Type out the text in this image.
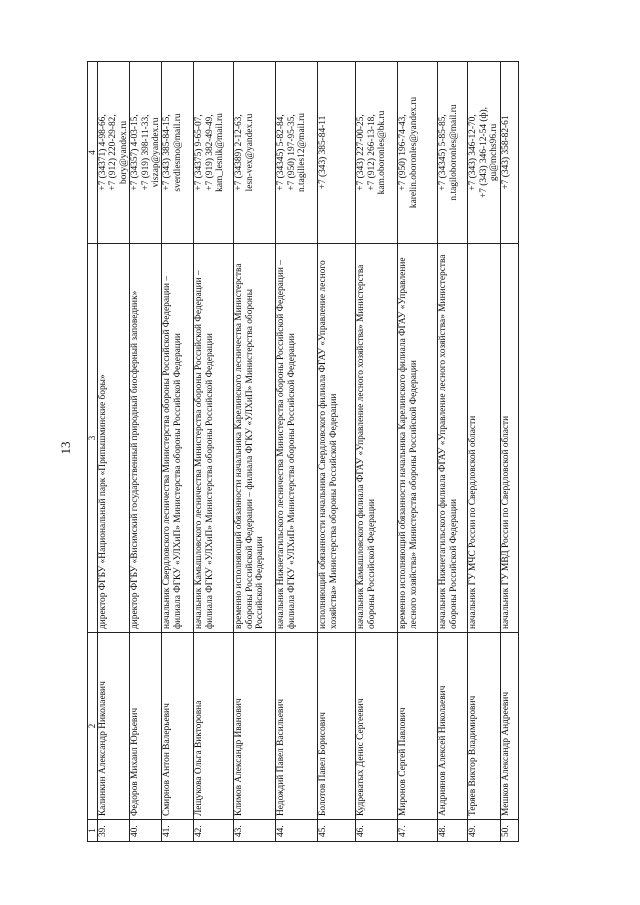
13
1	2	3	4
39.	Калинкин Александр Николаевич	директор ФГБУ «Национальный парк «Припышминские боры»	+7 (34371) 4-98-66, +7 (912) 220-29-82, bory@yandex.ru

40.	Федоров Михаил Юрьевич	директор ФГБУ «Висимский государственный природный биосферный заповедник»	+7 (34357) 4-03-15, +7 (919) 398-11-33, viszap@yandex.ru

41.	Смирнов Антон Валерьевич	начальник Свердловского лесничества Министерства обороны Российской Федерации – филиала ФГКУ «УЛХиП» Министерства обороны Российской Федерации	+7 (343) 385-84-15, sverdlesmo@mail.ru

42.	Лещукова Ольга Викторовна	начальник Камышловского лесничества Министерства обороны Российской Федерации – филиала ФГКУ «УЛХиП» Министерства обороны Российской Федерации	+7 (34375) 9-65-07, +7 (919) 382-49-49, kam_lesnik@mail.ru

43.	Климов Александр Иванович	временно исполняющий обязанности начальника Карелинского лесничества Министерства обороны Российской Федерации – филиала ФГКУ «УЛХиП» Министерства обороны Российской Федерации	+7 (34389) 2-12-63, lesn-vex@yandex.ru

44.	Недождий Павел Васильевич	начальник Нижнетагильского лесничества Министерства обороны Российской Федерации – филиала ФГКУ «УЛХиП» Министерства обороны Российской Федерации	+7 (34345) 5-82-84, +7 (950) 197-95-35, n.tagilles12@mail.ru

45.	Болотов Павел Борисович	исполняющий обязанности начальника Свердловского филиала ФГАУ «Управление лесного хозяйства» Министерства обороны Российской Федерации	+7 (343) 385-84-11

46.	Кудреватых Денис Сергеевич	начальник Камышловского филиала ФГАУ «Управление лесного хозяйства» Министерства обороны Российской Федерации	+7 (343) 227-00-25, +7 (912) 266-13-18, kam.oboronles@bk.ru

47.	Миронов Сергей Павлович	временно исполняющий обязанности начальника Карелинского филиала ФГАУ «Управление лесного хозяйства» Министерства обороны Российской Федерации	+7 (950) 196-74-43, karelin.oboronles@yandex.ru

48.	Андриянов Алексей Николаевич	начальник Нижнетагильского филиала ФГАУ «Управление лесного хозяйства» Министерства обороны Российской Федерации	+7 (34345) 5-85-85, n.tagiloboronles@mail.ru

49.	Теряев Виктор Владимирович	начальник ГУ МЧС России по Свердловской области	+7 (343) 346-12-70, +7 (343) 346-12-54 (ф), gu@mchs96.ru

50.	Мешков Александр Андреевич	начальник ГУ МВД России по Свердловской области	+7 (343) 358-82-61
